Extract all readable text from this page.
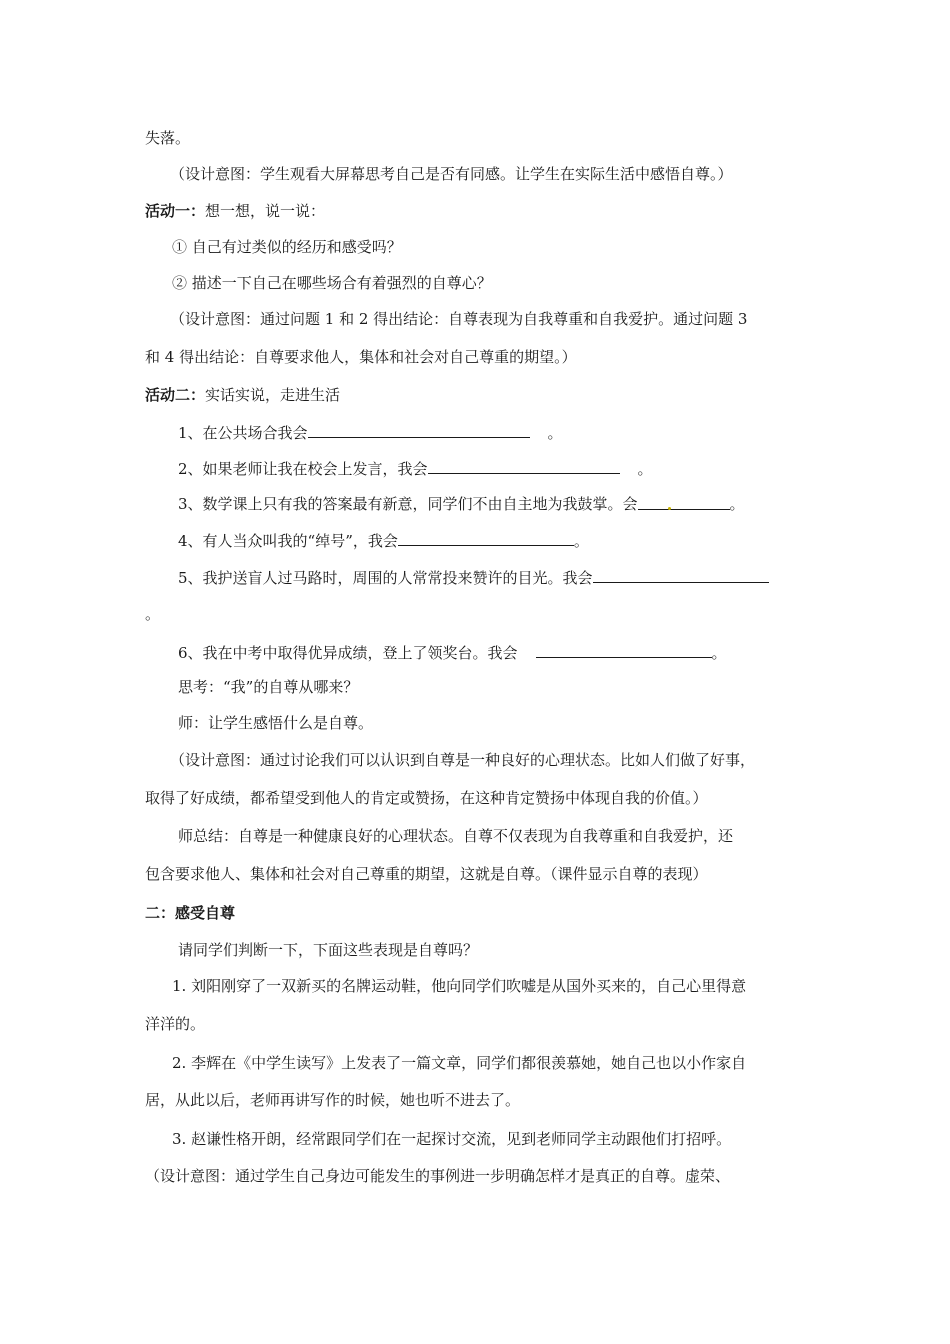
失落。
（设计意图：学生观看大屏幕思考自己是否有同感。让学生在实际生活中感悟自尊。）
活动一：想一想，说一说：
① 自己有过类似的经历和感受吗？
② 描述一下自己在哪些场合有着强烈的自尊心？
（设计意图：通过问题 1 和 2 得出结论：自尊表现为自我尊重和自我爱护。通过问题 3
和 4 得出结论：自尊要求他人，集体和社会对自己尊重的期望。）
活动二：实话实说，走进生活
1、在公共场合我会	。
2、如果老师让我在校会上发言，我会	。
3、数学课上只有我的答案最有新意，同学们不由自主地为我鼓掌。会	。
4、有人当众叫我的“绰号”，我会	。
5、我护送盲人过马路时，周围的人常常投来赞许的目光。我会
。
6、我在中考中取得优异成绩，登上了领奖台。我会	。
思考：“我”的自尊从哪来？
师：让学生感悟什么是自尊。
（设计意图：通过讨论我们可以认识到自尊是一种良好的心理状态。比如人们做了好事，
取得了好成绩，都希望受到他人的肯定或赞扬，在这种肯定赞扬中体现自我的价值。）
师总结：自尊是一种健康良好的心理状态。自尊不仅表现为自我尊重和自我爱护，还
包含要求他人、集体和社会对自己尊重的期望，这就是自尊。（课件显示自尊的表现）
二：感受自尊
请同学们判断一下，下面这些表现是自尊吗？
1. 刘阳刚穿了一双新买的名牌运动鞋，他向同学们吹嘘是从国外买来的，自己心里得意
洋洋的。
2. 李辉在《中学生读写》上发表了一篇文章，同学们都很羡慕她，她自己也以小作家自
居，从此以后，老师再讲写作的时候，她也听不进去了。
3. 赵谦性格开朗，经常跟同学们在一起探讨交流，见到老师同学主动跟他们打招呼。
（设计意图：通过学生自己身边可能发生的事例进一步明确怎样才是真正的自尊。虚荣、
